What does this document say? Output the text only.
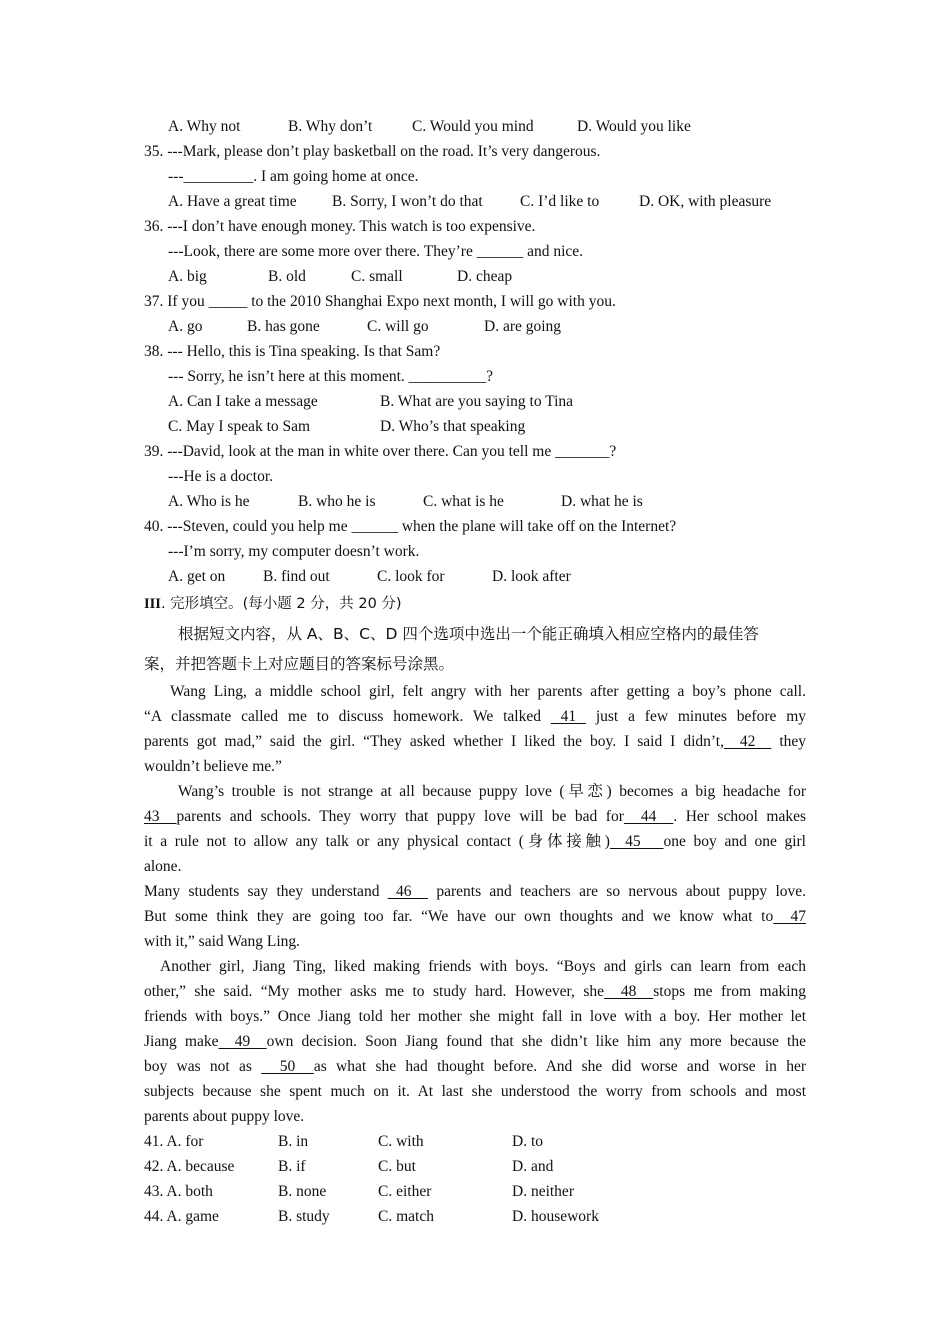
A. Why not	B. Why don’t	C. Would you mind	D. Would you like
35. ---Mark, please don’t play basketball on the road. It’s very dangerous.
---_________. I am going home at once.
A. Have a great time	B. Sorry, I won’t do that	C. I’d like to	D. OK, with pleasure
36. ---I don’t have enough money. This watch is too expensive.
---Look, there are some more over there. They’re ______ and nice.
A. big	B. old	C. small	D. cheap
37. If you _____ to the 2010 Shanghai Expo next month, I will go with you.
A. go	B. has gone	C. will go	D. are going
38. --- Hello, this is Tina speaking. Is that Sam?
--- Sorry, he isn’t here at this moment. __________?
A. Can I take a message	B. What are you saying to Tina
C. May I speak to Sam	D. Who’s that speaking
39. ---David, look at the man in white over there. Can you tell me _______?
---He is a doctor.
A. Who is he	B. who he is	C. what is he	D. what he is
40. ---Steven, could you help me ______ when the plane will take off on the Internet?
---I’m sorry, my computer doesn’t work.
A. get on	B. find out	C. look for	D. look after
III. 完形填空。(每小题 2 分，共 20 分)
根据短文内容，从 A、B、C、D 四个选项中选出一个能正确填入相应空格内的最佳答
案，并把答题卡上对应题目的答案标号涂黑。
Wang Ling, a middle school girl, felt angry with her parents after getting a boy’s phone call.
“A classmate called me to discuss homework. We talked  41  just a few minutes before my
parents got mad,” said the girl. “They asked whether I liked the boy. I said I didn’t,  42   they
wouldn’t believe me.”
Wang’s trouble is not strange at all because puppy love (早恋) becomes a big headache for
43  parents and schools. They worry that puppy love will be bad for  44  . Her school makes
it a rule not to allow any talk or any physical contact (身体接触)  45   one boy and one girl
alone.
Many students say they understand  46   parents and teachers are so nervous about puppy love.
But some think they are going too far. “We have our own thoughts and we know what to  47
with it,” said Wang Ling.
Another girl, Jiang Ting, liked making friends with boys. “Boys and girls can learn from each
other,” she said. “My mother asks me to study hard. However, she  48  stops me from making
friends with boys.” Once Jiang told her mother she might fall in love with a boy. Her mother let
Jiang make  49  own decision. Soon Jiang found that she didn’t like him any more because the
boy was not as   50  as what she had thought before. And she did worse and worse in her
subjects because she spent much on it. At last she understood the worry from schools and most
parents about puppy love.
41. A. for	B. in	C. with	D. to
42. A. because	B. if	C. but	D. and
43. A. both	B. none	C. either	D. neither
44. A. game	B. study	C. match	D. housework
